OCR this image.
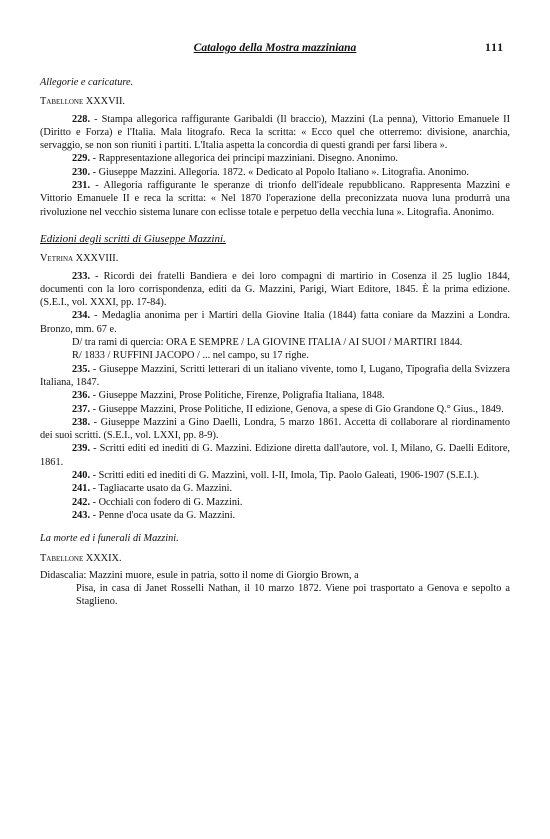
Catalogo della Mostra mazziniana	111
Allegorie e caricature.
Tabellone XXXVII.

228. - Stampa allegorica raffigurante Garibaldi (Il braccio), Mazzini (La penna), Vittorio Emanuele II (Diritto e Forza) e l'Italia. Mala litografo. Reca la scritta: « Ecco quel che otterremo: divisione, anarchia, servaggio, se non son riuniti i partiti. L'Italia aspetta la concordia di questi grandi per farsi libera ».

229. - Rappresentazione allegorica dei principi mazziniani. Disegno. Anonimo.

230. - Giuseppe Mazzini. Allegoria. 1872. « Dedicato al Popolo Italiano ». Litografia. Anonimo.

231. - Allegoria raffigurante le speranze di trionfo dell'ideale repubblicano. Rappresenta Mazzini e Vittorio Emanuele II e reca la scritta: « Nel 1870 l'operazione della preconizzata nuova luna produrrà una rivoluzione nel vecchio sistema lunare con eclisse totale e perpetuo della vecchia luna ». Litografia. Anonimo.

Edizioni degli scritti di Giuseppe Mazzini.
Vetrina XXXVIII.

233. - Ricordi dei fratelli Bandiera e dei loro compagni di martirio in Cosenza il 25 luglio 1844, documenti con la loro corrispondenza, editi da G. Mazzini, Parigi, Wiart Editore, 1845. È la prima edizione. (S.E.I., vol. XXXI, pp. 17-84).

234. - Medaglia anonima per i Martiri della Giovine Italia (1844) fatta coniare da Mazzini a Londra. Bronzo, mm. 67 e.

D/ tra rami di quercia: ORA E SEMPRE / LA GIOVINE ITALIA / AI SUOI / MARTIRI 1844.

R/ 1833 / RUFFINI JACOPO / ... nel campo, su 17 righe.

235. - Giuseppe Mazzini, Scritti letterari di un italiano vivente, tomo I, Lugano, Tipografia della Svizzera Italiana, 1847.

236. - Giuseppe Mazzini, Prose Politiche, Firenze, Poligrafia Italiana, 1848.

237. - Giuseppe Mazzini, Prose Politiche, II edizione, Genova, a spese di Gio Grandone Q.° Gius., 1849.

238. - Giuseppe Mazzini a Gino Daelli, Londra, 5 marzo 1861. Accetta di collaborare al riordinamento dei suoi scritti. (S.E.I., vol. LXXI, pp. 8-9).

239. - Scritti editi ed inediti di G. Mazzini. Edizione diretta dall'autore, vol. I, Milano, G. Daelli Editore, 1861.

240. - Scritti editi ed inediti di G. Mazzini, voll. I-II, Imola, Tip. Paolo Galeati, 1906-1907 (S.E.I.).

241. - Tagliacarte usato da G. Mazzini.

242. - Occhiali con fodero di G. Mazzini.

243. - Penne d'oca usate da G. Mazzini.

La morte ed i funerali di Mazzini.
Tabellone XXXIX.

Didascalia: Mazzini muore, esule in patria, sotto il nome di Giorgio Brown, a
Pisa, in casa di Janet Rosselli Nathan, il 10 marzo 1872. Viene poi trasportato a Genova e sepolto a Staglieno.
